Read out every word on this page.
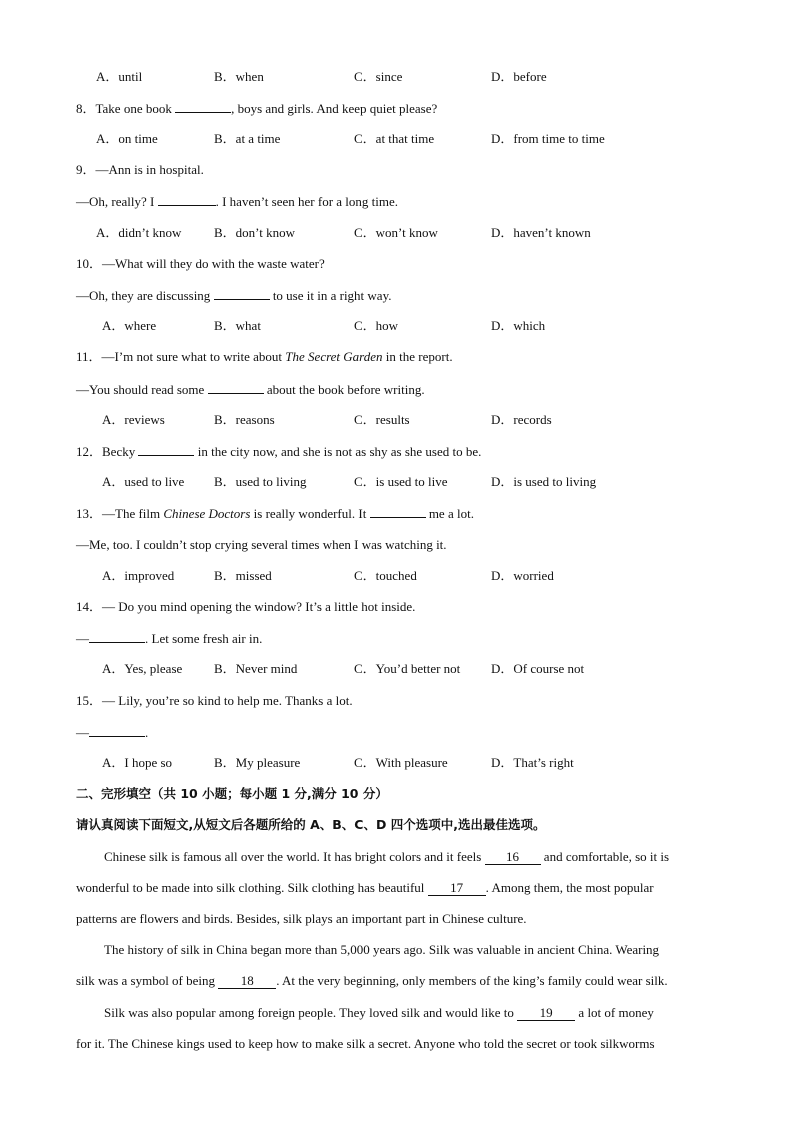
A．until	B．when	C．since	D．before
8．Take one book	, boys and girls. And keep quiet please?
A．on time	B．at a time	C．at that time	D．from time to time
9．—Ann is in hospital.
—Oh, really? I	. I haven’t seen her for a long time.
A．didn’t know	B．don’t know	C．won’t know	D．haven’t known
10．—What will they do with the waste water?
—Oh, they are discussing	to use it in a right way.
A．where	B．what	C．how	D．which
11．—I’m not sure what to write about The Secret Garden in the report.
—You should read some	about the book before writing.
A．reviews	B．reasons	C．results	D．records
12．Becky	in the city now, and she is not as shy as she used to be.
A．used to live B．used to living	C．is used to live	D．is used to living
13．—The film Chinese Doctors is really wonderful. It	me a lot.
—Me, too. I couldn’t stop crying several times when I was watching it.
A．improved	B．missed	C．touched	D．worried
14．— Do you mind opening the window? It’s a little hot inside.
—	. Let some fresh air in.
A．Yes, please B．Never mind	C．You’d better not D．Of course not
15．— Lily, you’re so kind to help me. Thanks a lot.
—	.
A．I hope so	B．My pleasure	C．With pleasure	D．That’s right
二、完形填空（共 10 小题；每小题 1 分,满分 10 分）
请认真阅读下面短文,从短文后各题所给的 A、B、C、D 四个选项中,选出最佳选项。
Chinese silk is famous all over the world. It has bright colors and it feels 16 and comfortable, so it is
wonderful to be made into silk clothing. Silk clothing has beautiful 17 . Among them, the most popular
patterns are flowers and birds. Besides, silk plays an important part in Chinese culture.
The history of silk in China began more than 5,000 years ago. Silk was valuable in ancient China. Wearing
silk was a symbol of being 18 . At the very beginning, only members of the king’s family could wear silk.
Silk was also popular among foreign people. They loved silk and would like to 19 a lot of money
for it. The Chinese kings used to keep how to make silk a secret. Anyone who told the secret or took silkworms
